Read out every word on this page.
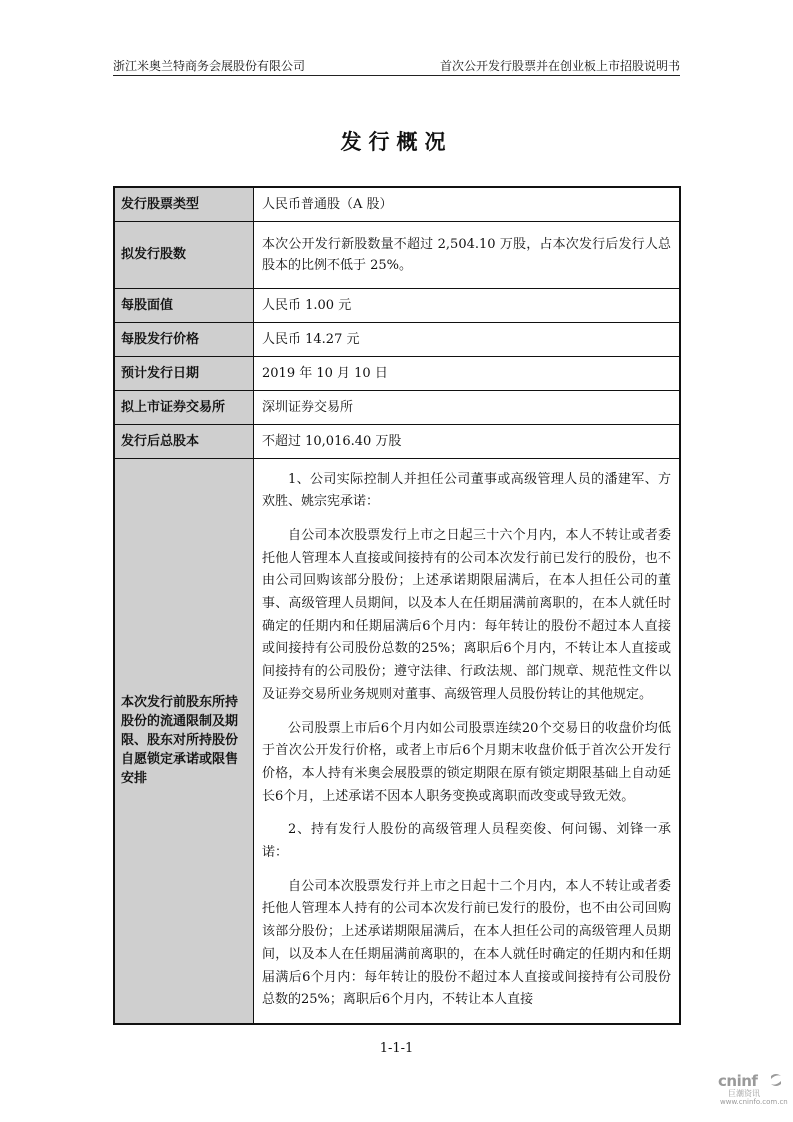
浙江米奥兰特商务会展股份有限公司	首次公开发行股票并在创业板上市招股说明书
发行概况
发行股票类型	人民币普通股（A 股）
拟发行股数	本次公开发行新股数量不超过 2,504.10 万股，占本次发行后发行人总股本的比例不低于 25%。
每股面值	人民币 1.00 元
每股发行价格	人民币 14.27 元
预计发行日期	2019 年 10 月 10 日
拟上市证券交易所	深圳证券交易所
发行后总股本	不超过 10,016.40 万股
本次发行前股东所持股份的流通限制及期限、股东对所持股份自愿锁定承诺或限售安排	1、公司实际控制人并担任公司董事或高级管理人员的潘建军、方欢胜、姚宗宪承诺：

自公司本次股票发行上市之日起三十六个月内，本人不转让或者委托他人管理本人直接或间接持有的公司本次发行前已发行的股份，也不由公司回购该部分股份；上述承诺期限届满后，在本人担任公司的董事、高级管理人员期间，以及本人在任期届满前离职的，在本人就任时确定的任期内和任期届满后6个月内：每年转让的股份不超过本人直接或间接持有公司股份总数的25%；离职后6个月内，不转让本人直接或间接持有的公司股份；遵守法律、行政法规、部门规章、规范性文件以及证券交易所业务规则对董事、高级管理人员股份转让的其他规定。

公司股票上市后6个月内如公司股票连续20个交易日的收盘价均低于首次公开发行价格，或者上市后6个月期末收盘价低于首次公开发行价格，本人持有米奥会展股票的锁定期限在原有锁定期限基础上自动延长6个月，上述承诺不因本人职务变换或离职而改变或导致无效。

2、持有发行人股份的高级管理人员程奕俊、何问锡、刘锋一承诺：

自公司本次股票发行并上市之日起十二个月内，本人不转让或者委托他人管理本人持有的公司本次发行前已发行的股份，也不由公司回购该部分股份；上述承诺期限届满后，在本人担任公司的高级管理人员期间，以及本人在任期届满前离职的，在本人就任时确定的任期内和任期届满后6个月内：每年转让的股份不超过本人直接或间接持有公司股份总数的25%；离职后6个月内，不转让本人直接

1-1-1
cninf
巨潮资讯
www.cninfo.com.cn
